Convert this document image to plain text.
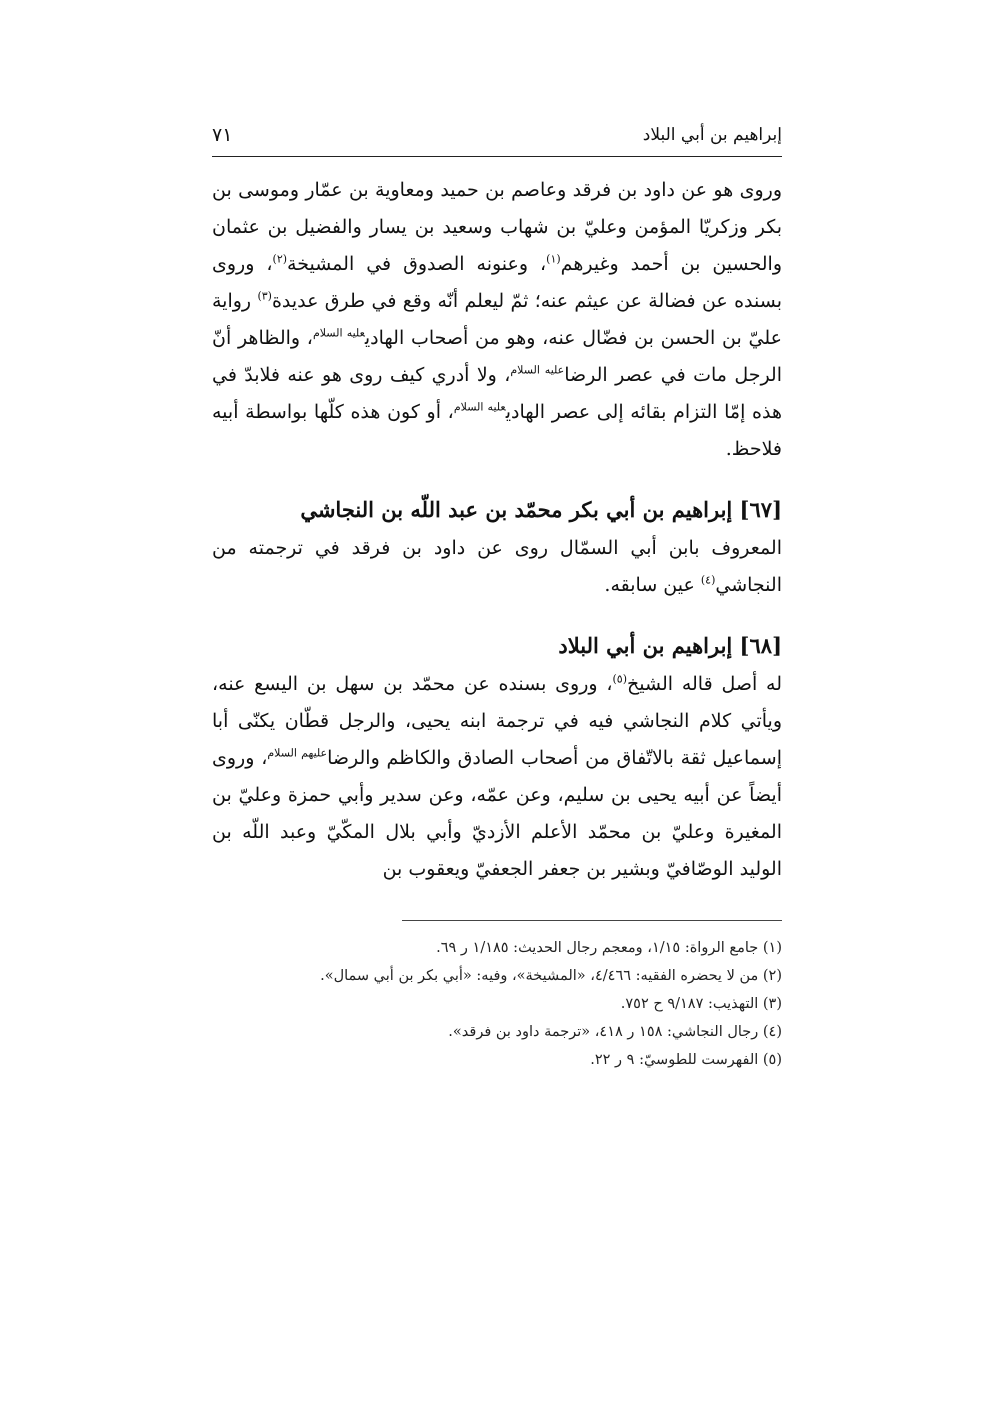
إبراهيم بن أبي البلاد
٧١

وروى هو عن داود بن فرقد وعاصم بن حميد ومعاوية بن عمّار وموسى بن بكر وزكريّا المؤمن وعليّ بن شهاب وسعيد بن يسار والفضيل بن عثمان والحسين بن أحمد وغيرهم$^{(١)}$، وعنونه الصدوق في المشيخة$^{(٢)}$، وروى بسنده عن فضالة عن عيثم عنه؛ ثمّ ليعلم أنّه وقع في طرق عديدة$^{(٣)}$ رواية عليّ بن الحسن بن فضّال عنه، وهو من أصحاب الهادي$^{عليه السلام}$، والظاهر أنّ الرجل مات في عصر الرضا$^{عليه السلام}$، ولا أدري كيف روى هو عنه فلابدّ في هذه إمّا التزام بقائه إلى عصر الهادي$^{عليه السلام}$، أو كون هذه كلّها بواسطة أبيه فلاحظ.

[٦٧] إبراهيم بن أبي بكر محمّد بن عبد اللّه بن النجاشي

المعروف بابن أبي السمّال روى عن داود بن فرقد في ترجمته من النجاشي$^{(٤)}$ عين سابقه.

[٦٨] إبراهيم بن أبي البلاد

له أصل قاله الشيخ$^{(٥)}$، وروى بسنده عن محمّد بن سهل بن اليسع عنه، ويأتي كلام النجاشي فيه في ترجمة ابنه يحيى، والرجل قطّان يكنّى أبا إسماعيل ثقة بالاتّفاق من أصحاب الصادق والكاظم والرضا$^{عليهم السلام}$، وروى أيضاً عن أبيه يحيى بن سليم، وعن عمّه، وعن سدير وأبي حمزة وعليّ بن المغيرة وعليّ بن محمّد الأعلم الأزديّ وأبي بلال المكّيّ وعبد اللّه بن الوليد الوصّافيّ وبشير بن جعفر الجعفيّ ويعقوب بن

(١) جامع الرواة: ١/١٥، ومعجم رجال الحديث: ١/١٨٥ ر ٦٩.
(٢) من لا يحضره الفقيه: ٤/٤٦٦، «المشيخة»، وفيه: «أبي بكر بن أبي سمال».
(٣) التهذيب: ٩/١٨٧ ح ٧٥٢.
(٤) رجال النجاشي: ١٥٨ ر ٤١٨، «ترجمة داود بن فرقد».
(٥) الفهرست للطوسيّ: ٩ ر ٢٢.
